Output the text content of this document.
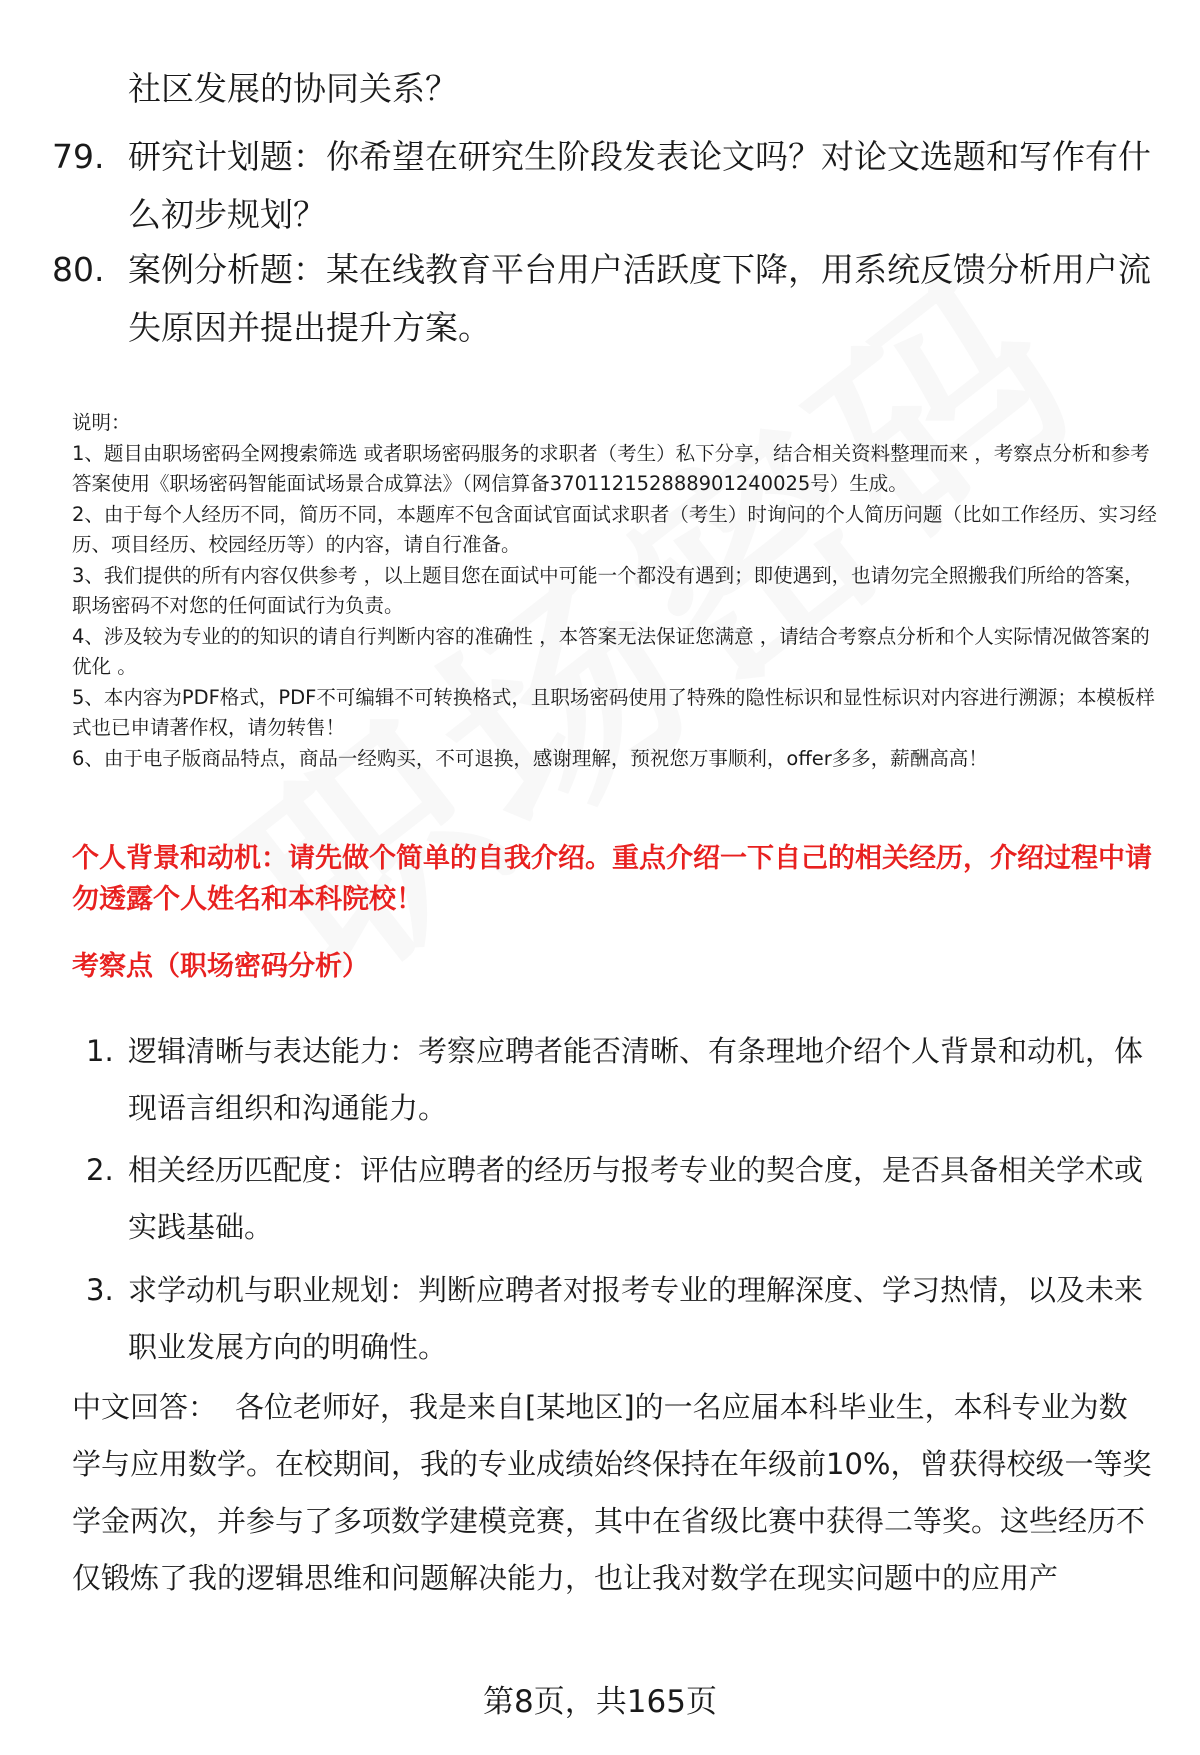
社区发展的协同关系？
79. 研究计划题：你希望在研究生阶段发表论文吗？对论文选题和写作有什么初步规划？
80. 案例分析题：某在线教育平台用户活跃度下降，用系统反馈分析用户流失原因并提出提升方案。

说明：

1、题目由职场密码全网搜索筛选 或者职场密码服务的求职者（考生）私下分享，结合相关资料整理而来 ，考察点分析和参考答案使用《职场密码智能面试场景合成算法》（网信算备370112152888901240025号）生成。

2、由于每个人经历不同，简历不同，本题库不包含面试官面试求职者（考生）时询问的个人简历问题（比如工作经历、实习经历、项目经历、校园经历等）的内容，请自行准备。

3、我们提供的所有内容仅供参考 ，以上题目您在面试中可能一个都没有遇到；即使遇到，也请勿完全照搬我们所给的答案，职场密码不对您的任何面试行为负责。

4、涉及较为专业的的知识的请自行判断内容的准确性 ，本答案无法保证您满意 ，请结合考察点分析和个人实际情况做答案的优化 。

5、本内容为PDF格式，PDF不可编辑不可转换格式，且职场密码使用了特殊的隐性标识和显性标识对内容进行溯源；本模板样式也已申请著作权，请勿转售！

6、由于电子版商品特点，商品一经购买，不可退换，感谢理解，预祝您万事顺利，offer多多，薪酬高高！

个人背景和动机：请先做个简单的自我介绍。重点介绍一下自己的相关经历，介绍过程中请勿透露个人姓名和本科院校！
考察点（职场密码分析）
1. 逻辑清晰与表达能力：考察应聘者能否清晰、有条理地介绍个人背景和动机，体现语言组织和沟通能力。
2. 相关经历匹配度：评估应聘者的经历与报考专业的契合度，是否具备相关学术或实践基础。
3. 求学动机与职业规划：判断应聘者对报考专业的理解深度、学习热情，以及未来职业发展方向的明确性。
中文回答： 各位老师好，我是来自[某地区]的一名应届本科毕业生，本科专业为数学与应用数学。在校期间，我的专业成绩始终保持在年级前10%，曾获得校级一等奖学金两次，并参与了多项数学建模竞赛，其中在省级比赛中获得二等奖。这些经历不仅锻炼了我的逻辑思维和问题解决能力，也让我对数学在现实问题中的应用产
第8页，共165页
